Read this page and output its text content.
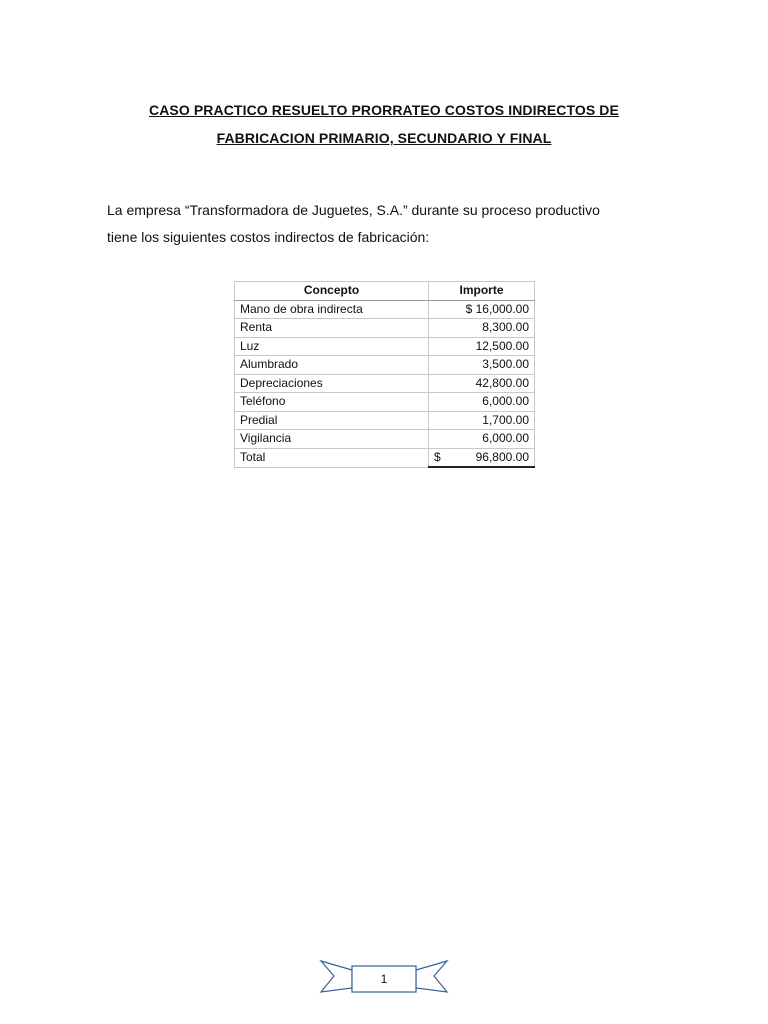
CASO PRACTICO RESUELTO PRORRATEO COSTOS INDIRECTOS DE
FABRICACION PRIMARIO, SECUNDARIO Y FINAL
La empresa “Transformadora de Juguetes, S.A.” durante su proceso productivo
tiene los siguientes costos indirectos de fabricación:
Concepto	Importe
Mano de obra indirecta	$ 16,000.00
Renta	8,300.00
Luz	12,500.00
Alumbrado	3,500.00
Depreciaciones	42,800.00
Teléfono	6,000.00
Predial	1,700.00
Vigilancia	6,000.00
Total	$ 96,800.00
1
